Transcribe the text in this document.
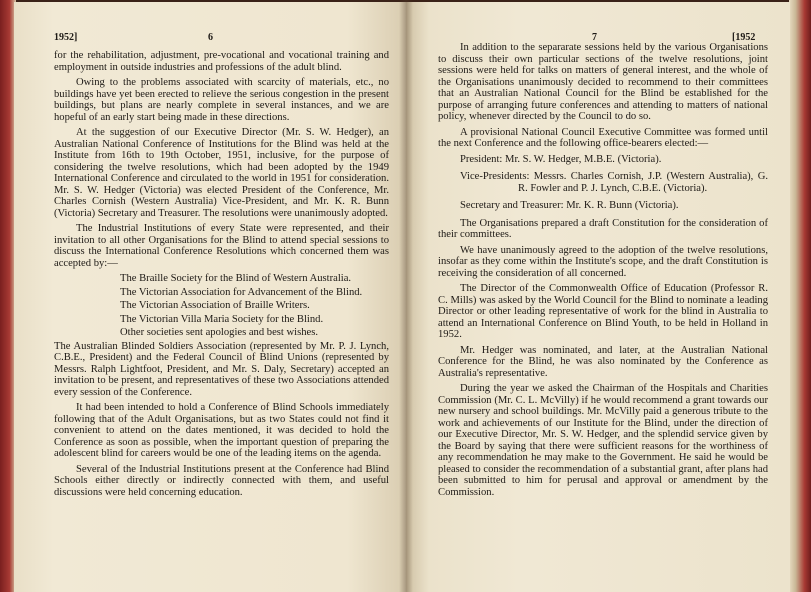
1952]	6

for the rehabilitation, adjustment, pre-vocational and vocational training and employment in outside industries and professions of the adult blind.

Owing to the problems associated with scarcity of materials, etc., no buildings have yet been erected to relieve the serious congestion in the present buildings, but plans are nearly complete in several instances, and we are hopeful of an early start being made in these directions.

At the suggestion of our Executive Director (Mr. S. W. Hedger), an Australian National Conference of Institutions for the Blind was held at the Institute from 16th to 19th October, 1951, inclusive, for the purpose of considering the twelve resolutions, which had been adopted by the 1949 International Conference and circulated to the world in 1951 for consideration. Mr. S. W. Hedger (Victoria) was elected President of the Conference, Mr. Charles Cornish (Western Australia) Vice-President, and Mr. K. R. Bunn (Victoria) Secretary and Treasurer. The resolutions were unanimously adopted.

The Industrial Institutions of every State were represented, and their invitation to all other Organisations for the Blind to attend special sessions to discuss the International Conference Resolutions which concerned them was accepted by:—

The Braille Society for the Blind of Western Australia.

The Victorian Association for Advancement of the Blind.

The Victorian Association of Braille Writers.

The Victorian Villa Maria Society for the Blind.

Other societies sent apologies and best wishes.

The Australian Blinded Soldiers Association (represented by Mr. P. J. Lynch, C.B.E., President) and the Federal Council of Blind Unions (represented by Messrs. Ralph Lightfoot, President, and Mr. S. Daly, Secretary) accepted an invitation to be present, and representatives of these two Associations attended every session of the Conference.

It had been intended to hold a Conference of Blind Schools immediately following that of the Adult Organisations, but as two States could not find it convenient to attend on the dates mentioned, it was decided to hold the Conference as soon as possible, when the important question of preparing the adolescent blind for careers would be one of the leading items on the agenda.

Several of the Industrial Institutions present at the Conference had Blind Schools either directly or indirectly connected with them, and useful discussions were held concerning education.

7	[1952

In addition to the separarate sessions held by the various Organisations to discuss their own particular sections of the twelve resolutions, joint sessions were held for talks on matters of general interest, and the whole of the Organisations unanimously decided to recommend to their committees that an Australian National Council for the Blind be established for the purpose of arranging future conferences and attending to matters of national policy, whenever directed by the Council to do so.

A provisional National Council Executive Committee was formed until the next Conference and the following office-bearers elected:—

President: Mr. S. W. Hedger, M.B.E. (Victoria).

Vice-Presidents: Messrs. Charles Cornish, J.P. (Western Australia), G. R. Fowler and P. J. Lynch, C.B.E. (Victoria).

Secretary and Treasurer: Mr. K. R. Bunn (Victoria).

The Organisations prepared a draft Constitution for the consideration of their committees.

We have unanimously agreed to the adoption of the twelve resolutions, insofar as they come within the Institute's scope, and the draft Constitution is receiving the consideration of all concerned.

The Director of the Commonwealth Office of Education (Professor R. C. Mills) was asked by the World Council for the Blind to nominate a leading Director or other leading representative of work for the blind in Australia to attend an International Conference on Blind Youth, to be held in Holland in 1952.

Mr. Hedger was nominated, and later, at the Australian National Conference for the Blind, he was also nominated by the Conference as Australia's representative.

During the year we asked the Chairman of the Hospitals and Charities Commission (Mr. C. L. McVilly) if he would recommend a grant towards our new nursery and school buildings. Mr. McVilly paid a generous tribute to the work and achievements of our Institute for the Blind, under the direction of our Executive Director, Mr. S. W. Hedger, and the splendid service given by the Board by saying that there were sufficient reasons for the worthiness of any recommendation he may make to the Government. He said he would be pleased to consider the recommendation of a substantial grant, after plans had been submitted to him for perusal and approval or amendment by the Commission.
